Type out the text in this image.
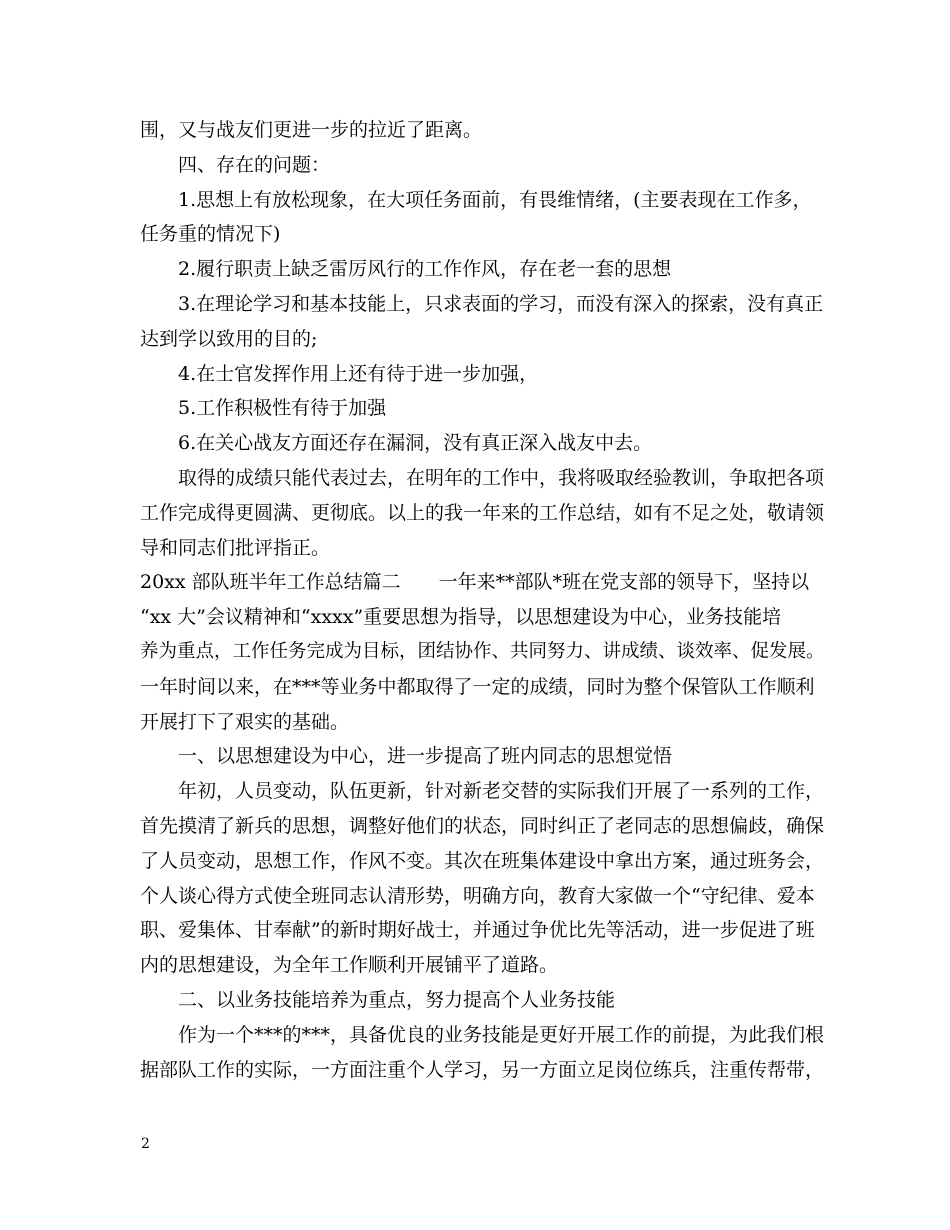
围，又与战友们更进一步的拉近了距离。
四、存在的问题：
1.思想上有放松现象，在大项任务面前，有畏维情绪，(主要表现在工作多，
任务重的情况下)
2.履行职责上缺乏雷厉风行的工作作风，存在老一套的思想
3.在理论学习和基本技能上，只求表面的学习，而没有深入的探索，没有真正
达到学以致用的目的;
4.在士官发挥作用上还有待于进一步加强，
5.工作积极性有待于加强
6.在关心战友方面还存在漏洞，没有真正深入战友中去。
取得的成绩只能代表过去，在明年的工作中，我将吸取经验教训，争取把各项
工作完成得更圆满、更彻底。以上的我一年来的工作总结，如有不足之处，敬请领
导和同志们批评指正。
20xx 部队班半年工作总结篇二　　一年来**部队*班在党支部的领导下，坚持以
“xx 大”会议精神和“xxxx”重要思想为指导，以思想建设为中心，业务技能培
养为重点，工作任务完成为目标，团结协作、共同努力、讲成绩、谈效率、促发展。
一年时间以来，在***等业务中都取得了一定的成绩，同时为整个保管队工作顺利
开展打下了艰实的基础。
一、以思想建设为中心，进一步提高了班内同志的思想觉悟
年初，人员变动，队伍更新，针对新老交替的实际我们开展了一系列的工作，
首先摸清了新兵的思想，调整好他们的状态，同时纠正了老同志的思想偏歧，确保
了人员变动，思想工作，作风不变。其次在班集体建设中拿出方案，通过班务会，
个人谈心得方式使全班同志认清形势，明确方向，教育大家做一个“守纪律、爱本
职、爱集体、甘奉献”的新时期好战士，并通过争优比先等活动，进一步促进了班
内的思想建设，为全年工作顺利开展铺平了道路。
二、以业务技能培养为重点，努力提高个人业务技能
作为一个***的***，具备优良的业务技能是更好开展工作的前提，为此我们根
据部队工作的实际，一方面注重个人学习，另一方面立足岗位练兵，注重传帮带，
2
